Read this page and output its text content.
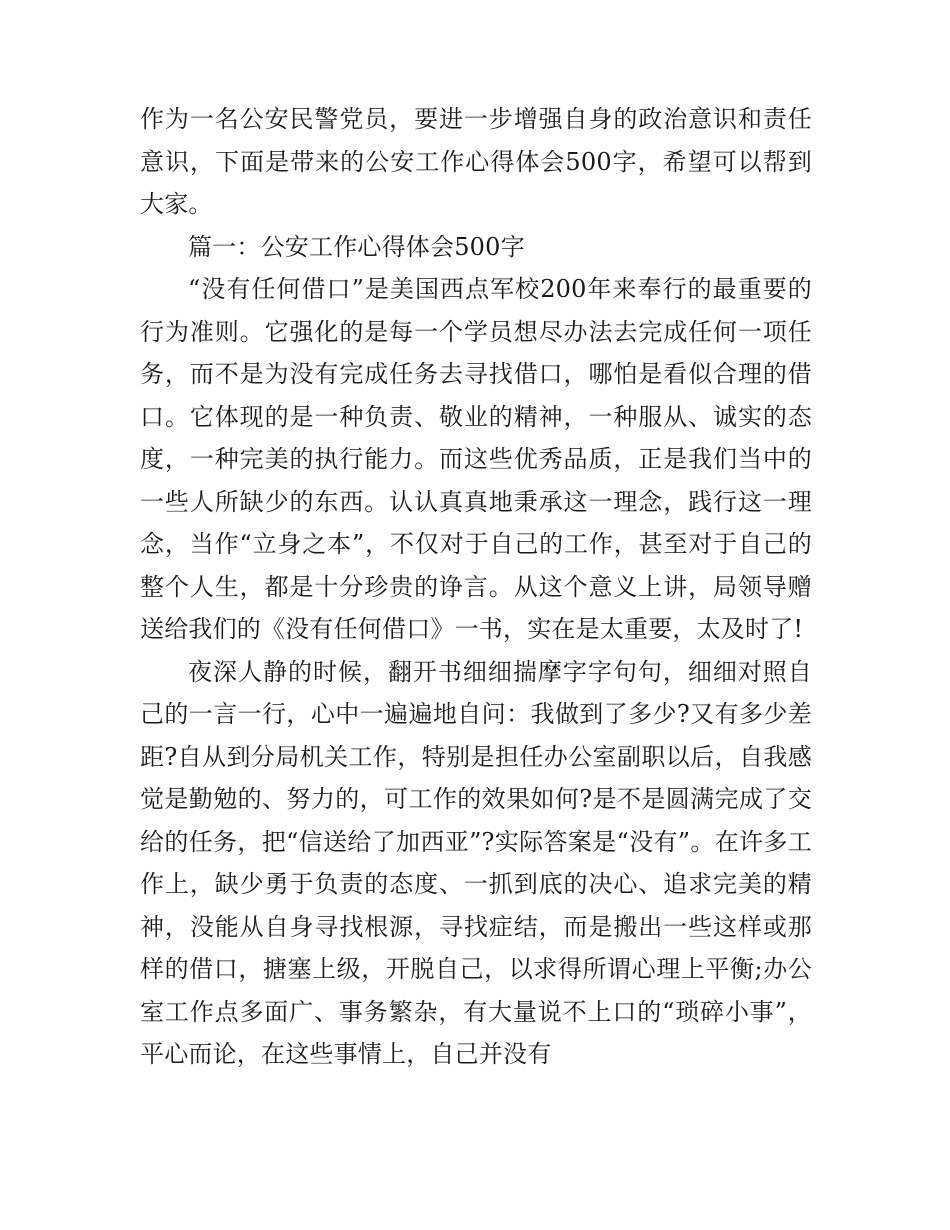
作为一名公安民警党员，要进一步增强自身的政治意识和责任意识，下面是带来的公安工作心得体会500字，希望可以帮到大家。

篇一：公安工作心得体会500字

“没有任何借口”是美国西点军校200年来奉行的最重要的行为准则。它强化的是每一个学员想尽办法去完成任何一项任务，而不是为没有完成任务去寻找借口，哪怕是看似合理的借口。它体现的是一种负责、敬业的精神，一种服从、诚实的态度，一种完美的执行能力。而这些优秀品质，正是我们当中的一些人所缺少的东西。认认真真地秉承这一理念，践行这一理念，当作“立身之本”，不仅对于自己的工作，甚至对于自己的整个人生，都是十分珍贵的诤言。从这个意义上讲，局领导赠送给我们的《没有任何借口》一书，实在是太重要，太及时了!

夜深人静的时候，翻开书细细揣摩字字句句，细细对照自己的一言一行，心中一遍遍地自问：我做到了多少?又有多少差距?自从到分局机关工作，特别是担任办公室副职以后，自我感觉是勤勉的、努力的，可工作的效果如何?是不是圆满完成了交给的任务，把“信送给了加西亚”?实际答案是“没有”。在许多工作上，缺少勇于负责的态度、一抓到底的决心、追求完美的精神，没能从自身寻找根源，寻找症结，而是搬出一些这样或那样的借口，搪塞上级，开脱自己，以求得所谓心理上平衡;办公室工作点多面广、事务繁杂，有大量说不上口的“琐碎小事”，平心而论，在这些事情上，自己并没有
